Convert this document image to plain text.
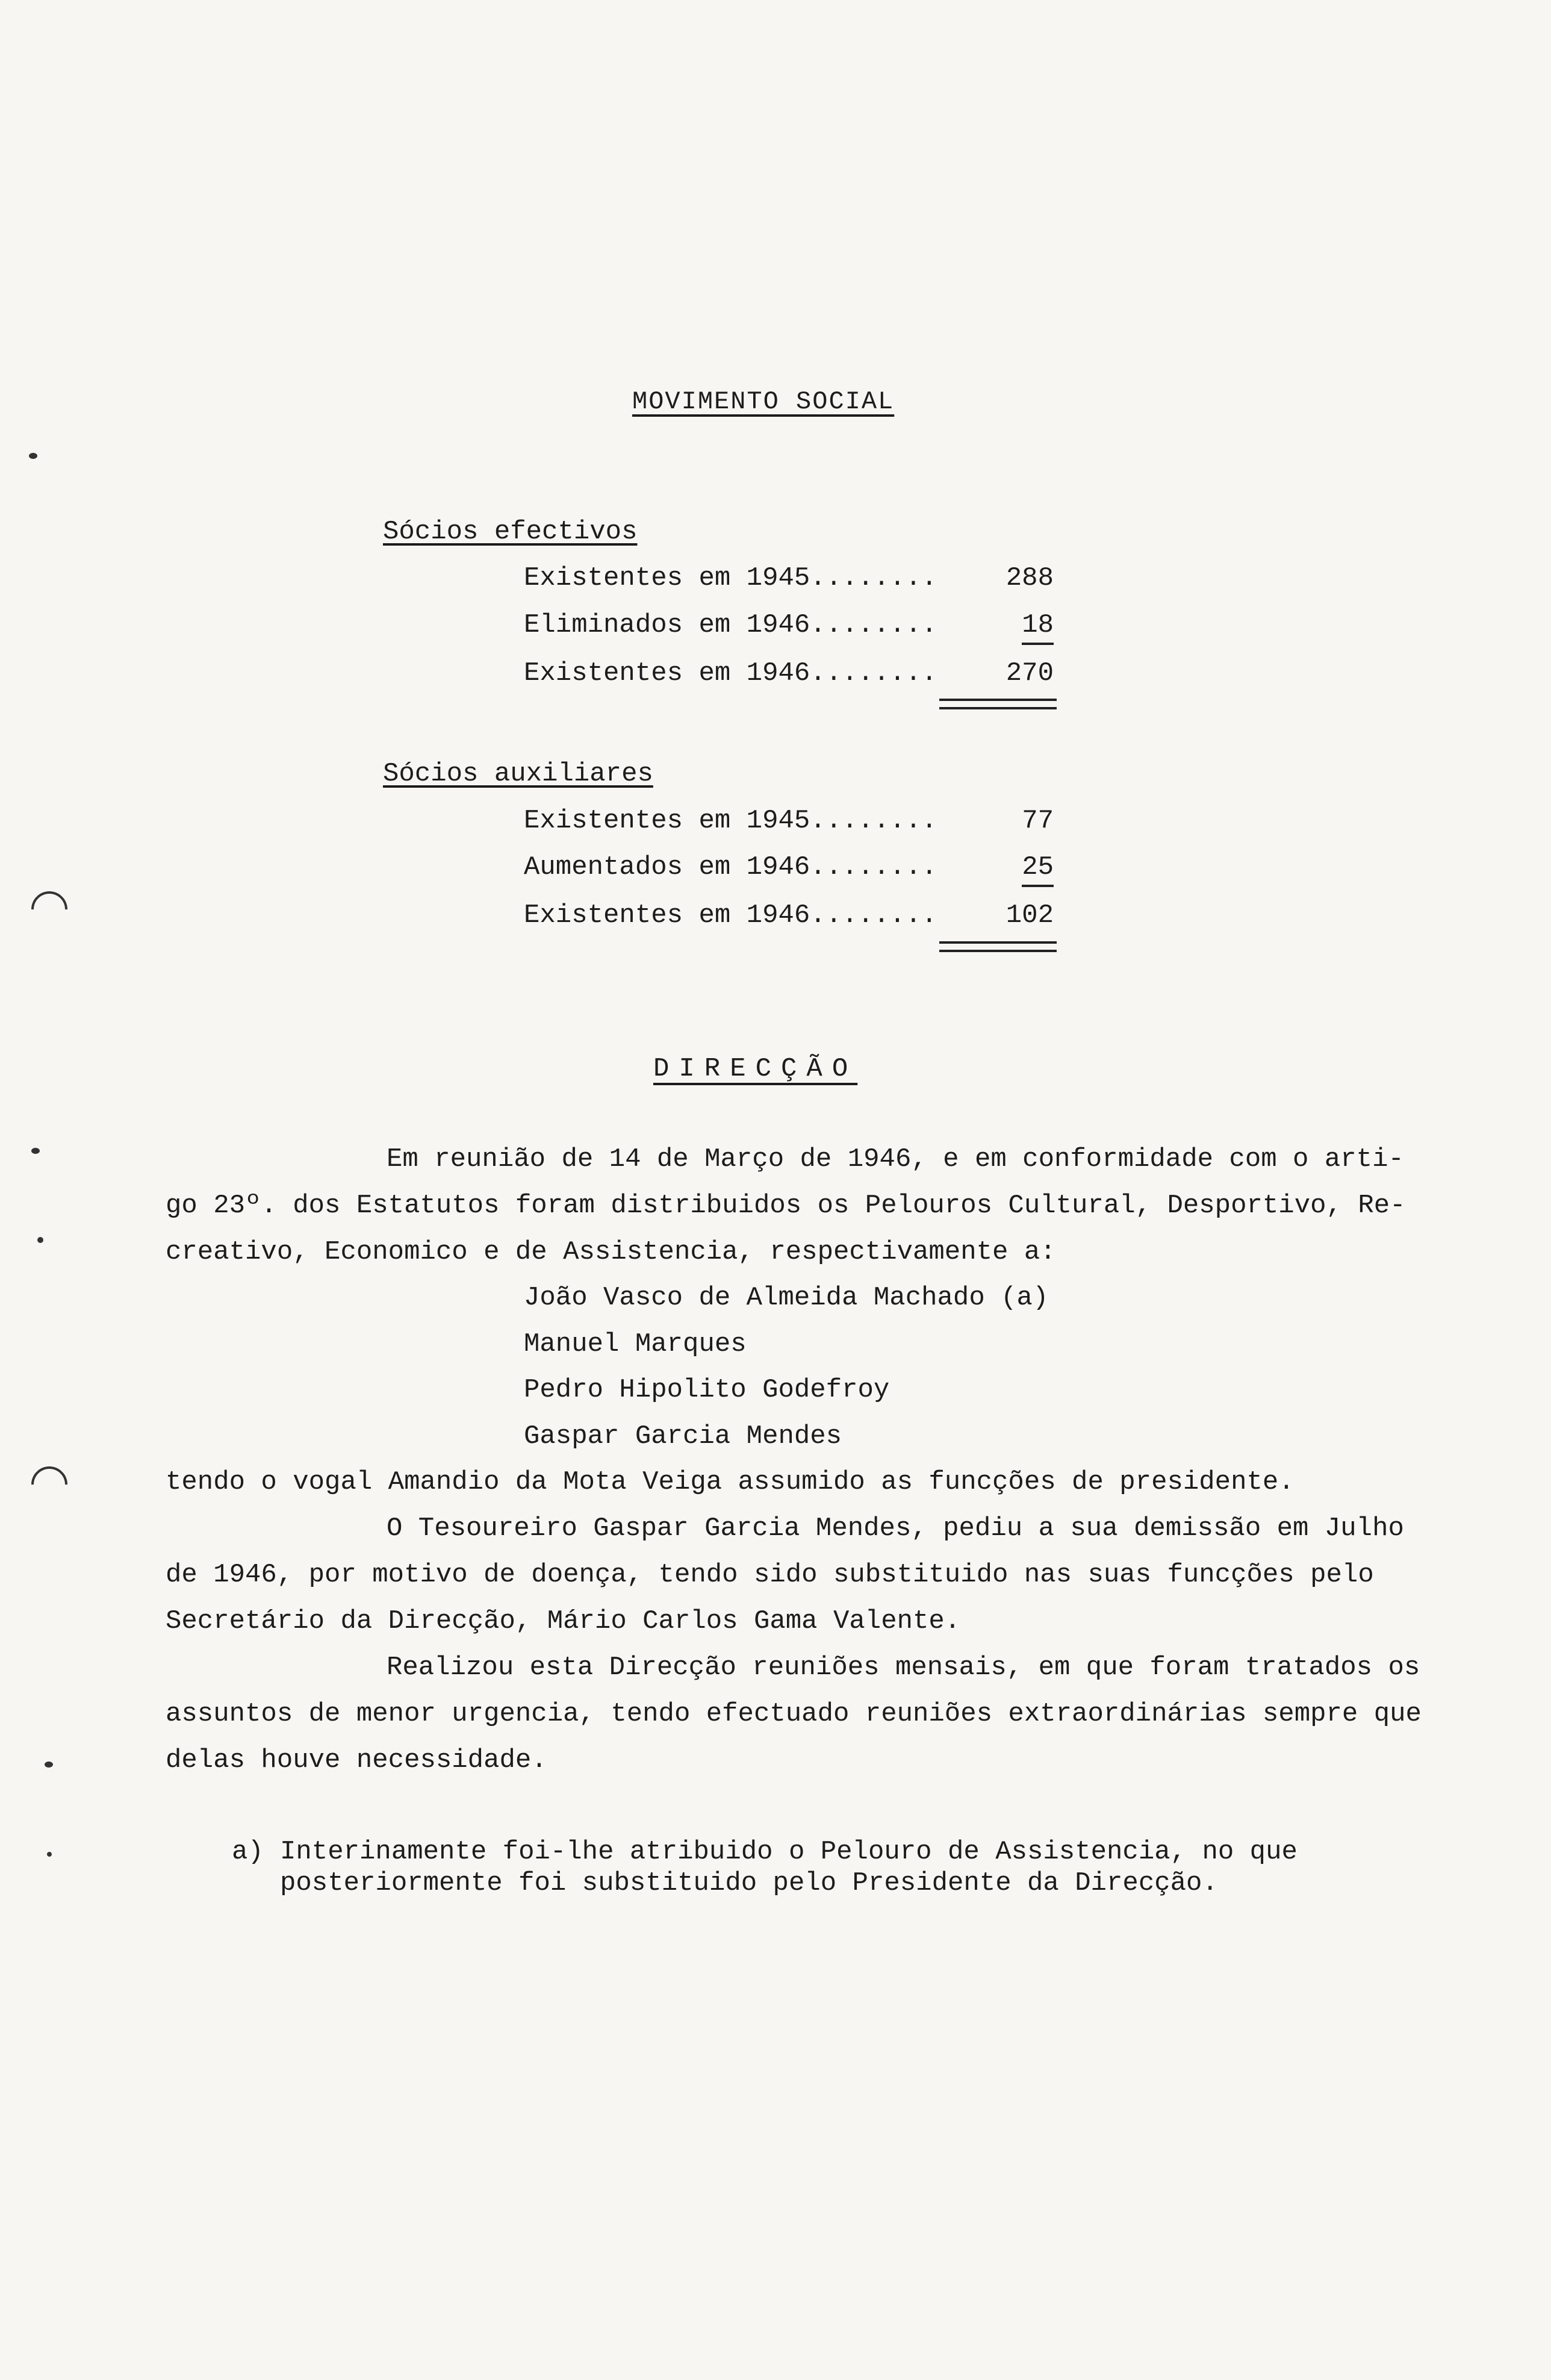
MOVIMENTO SOCIAL
Sócios efectivos
Existentes em 1945........	288
Eliminados em 1946........	18
Existentes em 1946........	270
Sócios auxiliares
Existentes em 1945........	77
Aumentados em 1946........	25
Existentes em 1946........	102
DIRECÇÃO
Em reunião de 14 de Março de 1946, e em conformidade com o arti-
go 23º. dos Estatutos foram distribuidos os Pelouros Cultural, Desportivo, Re-
creativo, Economico e de Assistencia, respectivamente a:
João Vasco de Almeida Machado (a)
Manuel Marques
Pedro Hipolito Godefroy
Gaspar Garcia Mendes
tendo o vogal Amandio da Mota Veiga assumido as funcções de presidente.
O Tesoureiro Gaspar Garcia Mendes, pediu a sua demissão em Julho
de 1946, por motivo de doença, tendo sido substituido nas suas funcções pelo
Secretário da Direcção, Mário Carlos Gama Valente.
Realizou esta Direcção reuniões mensais, em que foram tratados os
assuntos de menor urgencia, tendo efectuado reuniões extraordinárias sempre que
delas houve necessidade.
a) Interinamente foi-lhe atribuido o Pelouro de Assistencia, no que
posteriormente foi substituido pelo Presidente da Direcção.
